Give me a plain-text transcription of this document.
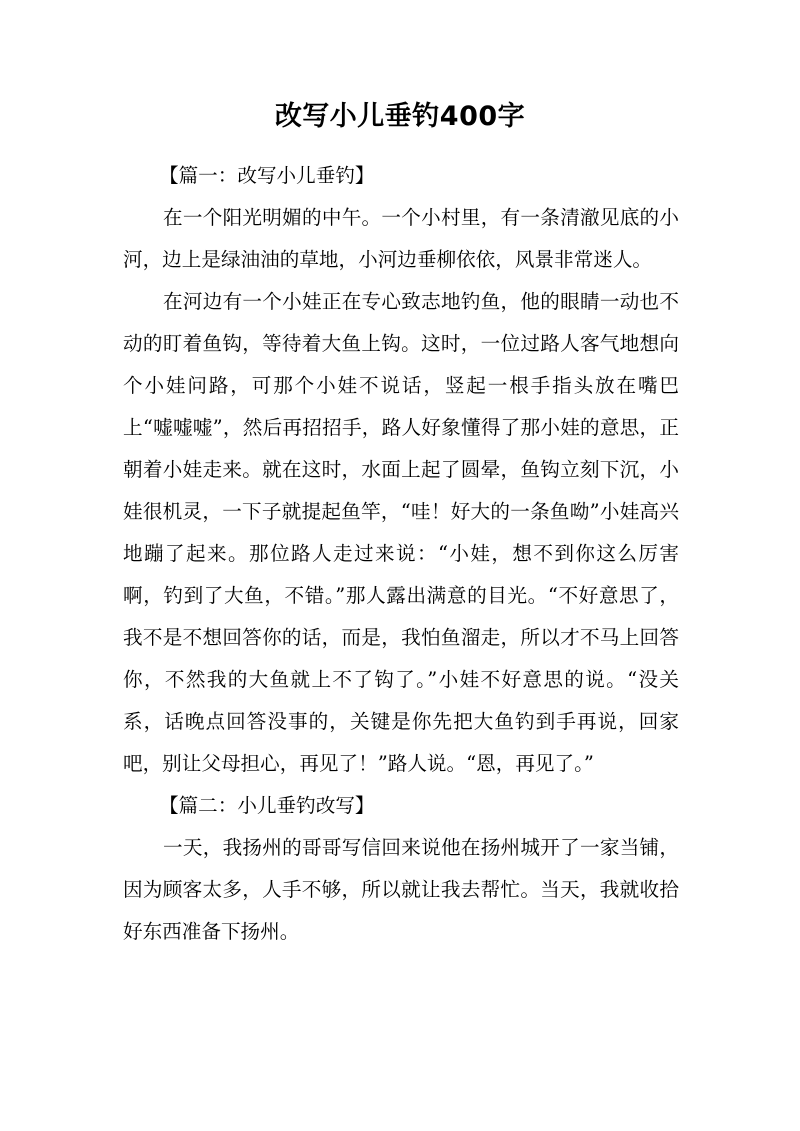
改写小儿垂钓400字

【篇一：改写小儿垂钓】

在一个阳光明媚的中午。一个小村里，有一条清澈见底的小河，边上是绿油油的草地，小河边垂柳依依，风景非常迷人。

在河边有一个小娃正在专心致志地钓鱼，他的眼睛一动也不动的盯着鱼钩，等待着大鱼上钩。这时，一位过路人客气地想向个小娃问路，可那个小娃不说话，竖起一根手指头放在嘴巴上“嘘嘘嘘”，然后再招招手，路人好象懂得了那小娃的意思，正朝着小娃走来。就在这时，水面上起了圆晕，鱼钩立刻下沉，小娃很机灵，一下子就提起鱼竿，“哇！好大的一条鱼呦”小娃高兴地蹦了起来。那位路人走过来说：“小娃，想不到你这么厉害啊，钓到了大鱼，不错。”那人露出满意的目光。“不好意思了，我不是不想回答你的话，而是，我怕鱼溜走，所以才不马上回答你，不然我的大鱼就上不了钩了。”小娃不好意思的说。“没关系，话晚点回答没事的，关键是你先把大鱼钓到手再说，回家吧，别让父母担心，再见了！”路人说。“恩，再见了。”

【篇二：小儿垂钓改写】

一天，我扬州的哥哥写信回来说他在扬州城开了一家当铺，因为顾客太多，人手不够，所以就让我去帮忙。当天，我就收拾好东西准备下扬州。
